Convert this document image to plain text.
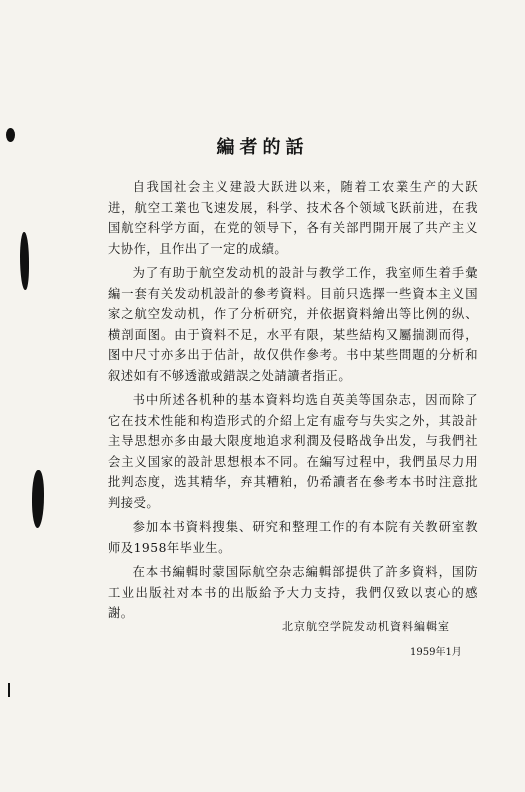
編者的話

自我国社会主义建設大跃进以来，随着工农業生产的大跃进，航空工業也飞速发展，科学、技术各个领域飞跃前进，在我国航空科学方面，在党的领导下，各有关部門開开展了共产主义大协作，且作出了一定的成績。

为了有助于航空发动机的設計与教学工作，我室师生着手彙編一套有关发动机設計的參考資料。目前只选擇一些資本主义国家之航空发动机，作了分析研究，并依据資料繪出等比例的纵、横剖面图。由于資料不足，水平有限，某些結构又屬揣測而得，图中尺寸亦多出于估計，故仅供作參考。书中某些問題的分析和叙述如有不够透澈或錯誤之处請讀者指正。

书中所述各机种的基本資料均选自英美等国杂志，因而除了它在技术性能和构造形式的介紹上定有虛夸与失实之外，其設計主导思想亦多由最大限度地追求利潤及侵略战争出发，与我們社会主义国家的設計思想根本不同。在編写过程中，我們虽尽力用批判态度，选其精华，弃其糟粕，仍希讀者在參考本书时注意批判接受。

参加本书資料搜集、研究和整理工作的有本院有关教研室教师及1958年毕业生。

在本书編輯时蒙国际航空杂志編輯部提供了許多資料，国防工业出版社对本书的出版給予大力支持，我們仅致以衷心的感謝。

北京航空学院发动机資料編輯室
1959年1月
